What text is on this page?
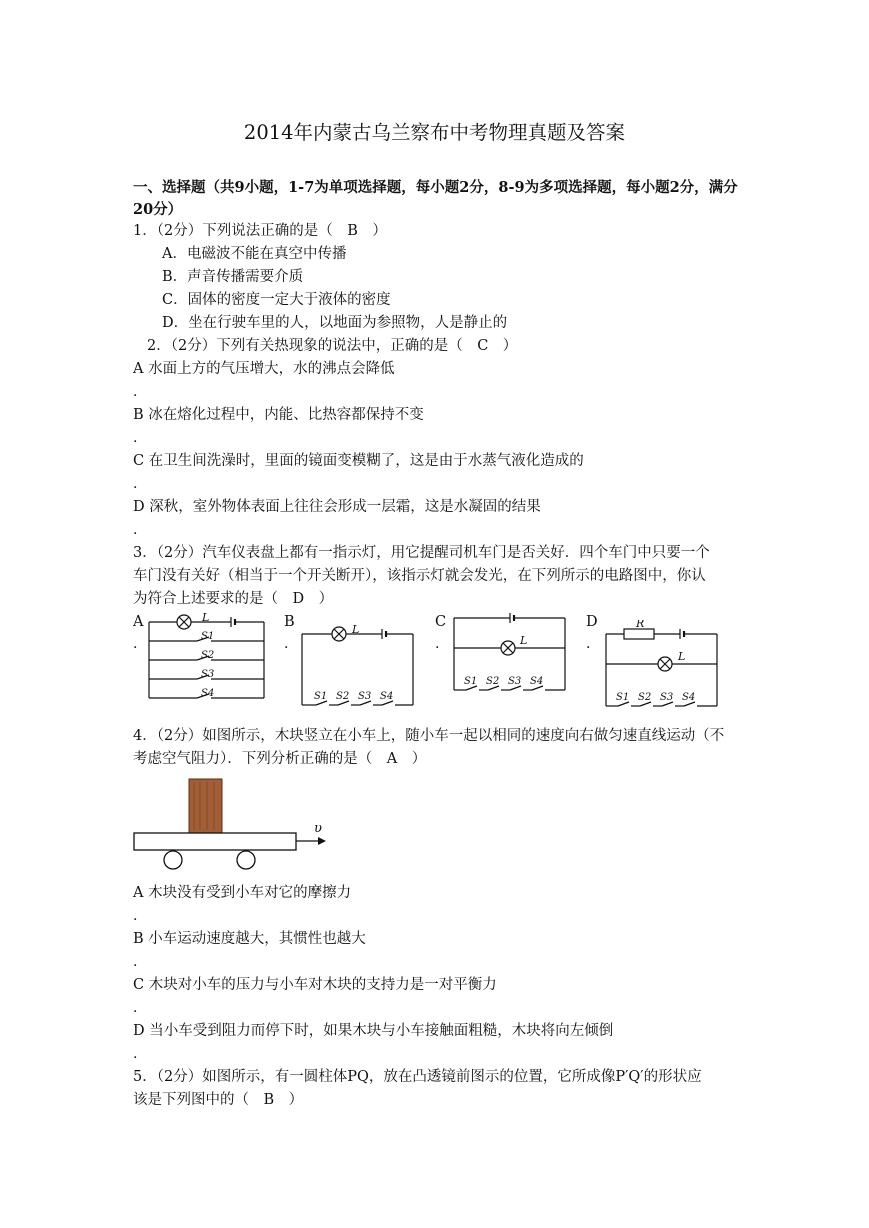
2014年内蒙古乌兰察布中考物理真题及答案
一、选择题（共9小题，1-7为单项选择题，每小题2分，8-9为多项选择题，每小题2分，满分20分）
1．（2分）下列说法正确的是（　B　）
A．电磁波不能在真空中传播
B．声音传播需要介质
C．固体的密度一定大于液体的密度
D．坐在行驶车里的人，以地面为参照物，人是静止的
2．（2分）下列有关热现象的说法中，正确的是（　C　）
A 水面上方的气压增大，水的沸点会降低
.
B 冰在熔化过程中，内能、比热容都保持不变
.
C 在卫生间洗澡时，里面的镜面变模糊了，这是由于水蒸气液化造成的
.
D 深秋，室外物体表面上往往会形成一层霜，这是水凝固的结果
.
3．（2分）汽车仪表盘上都有一指示灯，用它提醒司机车门是否关好．四个车门中只要一个
车门没有关好（相当于一个开关断开），该指示灯就会发光，在下列所示的电路图中，你认
为符合上述要求的是（　D　）
A
.
B
.
C
.
D
.
L
S1
S2
S3
S4
L
S1 S2 S3 S4
L
S1 S2 S3 S4
R
L
S1 S2 S3 S4
4．（2分）如图所示，木块竖立在小车上，随小车一起以相同的速度向右做匀速直线运动（不
考虑空气阻力）．下列分析正确的是（　A　）
υ
A 木块没有受到小车对它的摩擦力
.
B 小车运动速度越大，其惯性也越大
.
C 木块对小车的压力与小车对木块的支持力是一对平衡力
.
D 当小车受到阻力而停下时，如果木块与小车接触面粗糙，木块将向左倾倒
.
5．（2分）如图所示，有一圆柱体PQ，放在凸透镜前图示的位置，它所成像P′Q′的形状应
该是下列图中的（　B　）
